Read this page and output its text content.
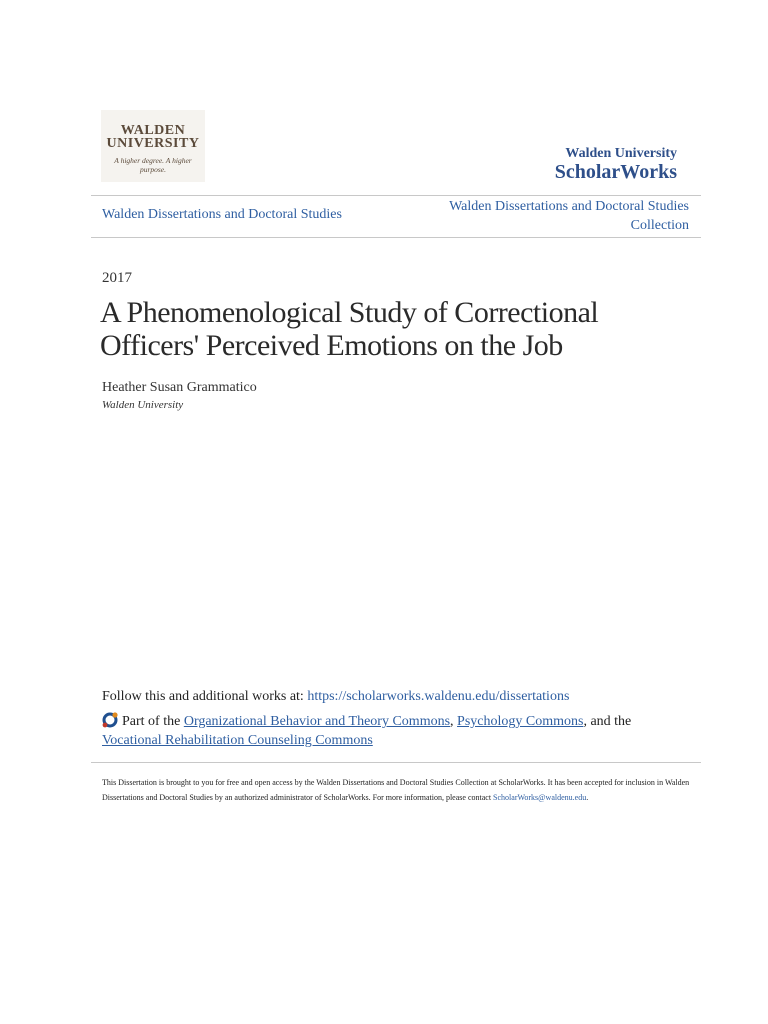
WALDEN
UNIVERSITY
A higher degree. A higher purpose.
Walden University
ScholarWorks
Walden Dissertations and Doctoral Studies
Walden Dissertations and Doctoral Studies
Collection
2017
A Phenomenological Study of Correctional
Officers' Perceived Emotions on the Job
Heather Susan Grammatico
Walden University
Follow this and additional works at: https://scholarworks.waldenu.edu/dissertations
Part of the Organizational Behavior and Theory Commons, Psychology Commons, and the
Vocational Rehabilitation Counseling Commons
This Dissertation is brought to you for free and open access by the Walden Dissertations and Doctoral Studies Collection at ScholarWorks. It has been accepted for inclusion in Walden Dissertations and Doctoral Studies by an authorized administrator of ScholarWorks. For more information, please contact ScholarWorks@waldenu.edu.
